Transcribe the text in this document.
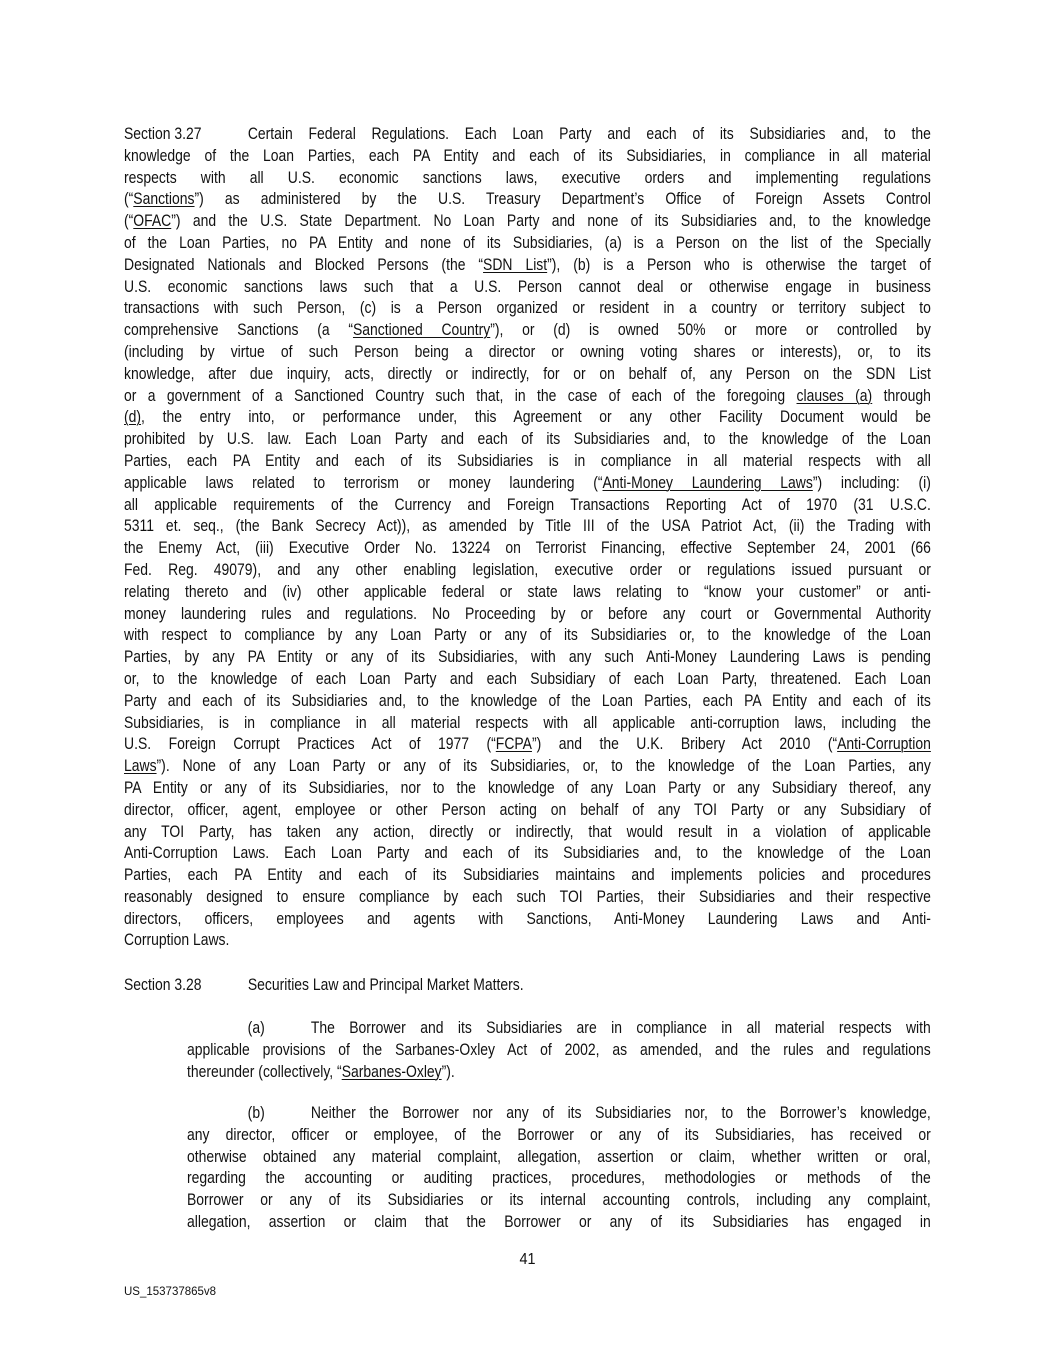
Section 3.27	Certain Federal Regulations. Each Loan Party and each of its Subsidiaries and, to the
knowledge of the Loan Parties, each PA Entity and each of its Subsidiaries, in compliance in all material
respects with all U.S. economic sanctions laws, executive orders and implementing regulations
(“Sanctions”) as administered by the U.S. Treasury Department’s Office of Foreign Assets Control
(“OFAC”) and the U.S. State Department. No Loan Party and none of its Subsidiaries and, to the knowledge
of the Loan Parties, no PA Entity and none of its Subsidiaries, (a) is a Person on the list of the Specially
Designated Nationals and Blocked Persons (the “SDN List”), (b) is a Person who is otherwise the target of
U.S. economic sanctions laws such that a U.S. Person cannot deal or otherwise engage in business
transactions with such Person, (c) is a Person organized or resident in a country or territory subject to
comprehensive Sanctions (a “Sanctioned Country”), or (d) is owned 50% or more or controlled by
(including by virtue of such Person being a director or owning voting shares or interests), or, to its
knowledge, after due inquiry, acts, directly or indirectly, for or on behalf of, any Person on the SDN List
or a government of a Sanctioned Country such that, in the case of each of the foregoing clauses (a) through
(d), the entry into, or performance under, this Agreement or any other Facility Document would be
prohibited by U.S. law. Each Loan Party and each of its Subsidiaries and, to the knowledge of the Loan
Parties, each PA Entity and each of its Subsidiaries is in compliance in all material respects with all
applicable laws related to terrorism or money laundering (“Anti-Money Laundering Laws”) including: (i)
all applicable requirements of the Currency and Foreign Transactions Reporting Act of 1970 (31 U.S.C.
5311 et. seq., (the Bank Secrecy Act)), as amended by Title III of the USA Patriot Act, (ii) the Trading with
the Enemy Act, (iii) Executive Order No. 13224 on Terrorist Financing, effective September 24, 2001 (66
Fed. Reg. 49079), and any other enabling legislation, executive order or regulations issued pursuant or
relating thereto and (iv) other applicable federal or state laws relating to “know your customer” or anti-
money laundering rules and regulations. No Proceeding by or before any court or Governmental Authority
with respect to compliance by any Loan Party or any of its Subsidiaries or, to the knowledge of the Loan
Parties, by any PA Entity or any of its Subsidiaries, with any such Anti-Money Laundering Laws is pending
or, to the knowledge of each Loan Party and each Subsidiary of each Loan Party, threatened. Each Loan
Party and each of its Subsidiaries and, to the knowledge of the Loan Parties, each PA Entity and each of its
Subsidiaries, is in compliance in all material respects with all applicable anti-corruption laws, including the
U.S. Foreign Corrupt Practices Act of 1977 (“FCPA”) and the U.K. Bribery Act 2010 (“Anti-Corruption
Laws”). None of any Loan Party or any of its Subsidiaries, or, to the knowledge of the Loan Parties, any
PA Entity or any of its Subsidiaries, nor to the knowledge of any Loan Party or any Subsidiary thereof, any
director, officer, agent, employee or other Person acting on behalf of any TOI Party or any Subsidiary of
any TOI Party, has taken any action, directly or indirectly, that would result in a violation of applicable
Anti-Corruption Laws. Each Loan Party and each of its Subsidiaries and, to the knowledge of the Loan
Parties, each PA Entity and each of its Subsidiaries maintains and implements policies and procedures
reasonably designed to ensure compliance by each such TOI Parties, their Subsidiaries and their respective
directors, officers, employees and agents with Sanctions, Anti-Money Laundering Laws and Anti-
Corruption Laws.
Section 3.28	Securities Law and Principal Market Matters.
(a)	The Borrower and its Subsidiaries are in compliance in all material respects with
applicable provisions of the Sarbanes-Oxley Act of 2002, as amended, and the rules and regulations
thereunder (collectively, “Sarbanes-Oxley”).
(b)	Neither the Borrower nor any of its Subsidiaries nor, to the Borrower’s knowledge,
any director, officer or employee, of the Borrower or any of its Subsidiaries, has received or
otherwise obtained any material complaint, allegation, assertion or claim, whether written or oral,
regarding the accounting or auditing practices, procedures, methodologies or methods of the
Borrower or any of its Subsidiaries or its internal accounting controls, including any complaint,
allegation, assertion or claim that the Borrower or any of its Subsidiaries has engaged in
41
US_153737865v8
